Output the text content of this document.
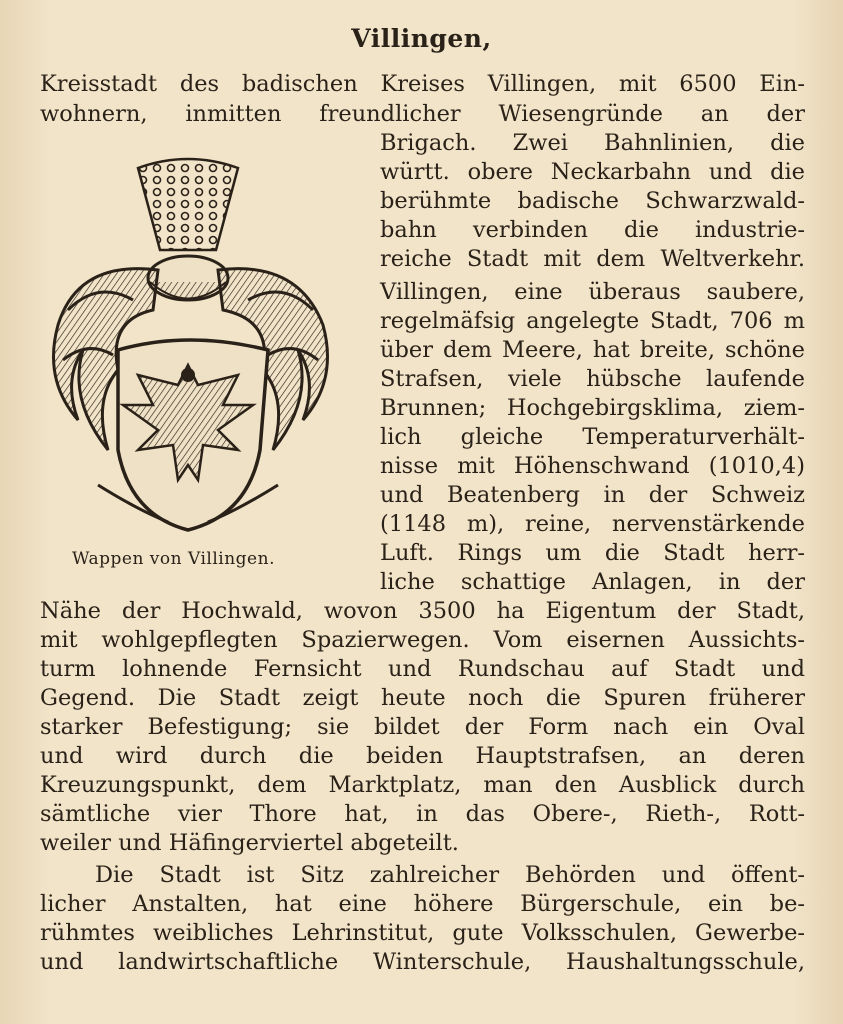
Villingen,
Kreisstadt des badischen Kreises Villingen, mit 6500 Ein-
wohnern, inmitten freundlicher Wiesengründe an der
Brigach. Zwei Bahnlinien, die
württ. obere Neckarbahn und die
berühmte badische Schwarzwald-
bahn verbinden die industrie-
reiche Stadt mit dem Weltverkehr.
Villingen, eine überaus saubere,
regelmäfsig angelegte Stadt, 706 m
über dem Meere, hat breite, schöne
Strafsen, viele hübsche laufende
Brunnen; Hochgebirgsklima, ziem-
lich gleiche Temperaturverhält-
nisse mit Höhenschwand (1010,4)
und Beatenberg in der Schweiz
(1148 m), reine, nervenstärkende
Luft. Rings um die Stadt herr-
liche schattige Anlagen, in der
Wappen von Villingen.
Nähe der Hochwald, wovon 3500 ha Eigentum der Stadt,
mit wohlgepflegten Spazierwegen. Vom eisernen Aussichts-
turm lohnende Fernsicht und Rundschau auf Stadt und
Gegend. Die Stadt zeigt heute noch die Spuren früherer
starker Befestigung; sie bildet der Form nach ein Oval
und wird durch die beiden Hauptstrafsen, an deren
Kreuzungspunkt, dem Marktplatz, man den Ausblick durch
sämtliche vier Thore hat, in das Obere-, Rieth-, Rott-
weiler und Häfingerviertel abgeteilt.
Die Stadt ist Sitz zahlreicher Behörden und öffent-
licher Anstalten, hat eine höhere Bürgerschule, ein be-
rühmtes weibliches Lehrinstitut, gute Volksschulen, Gewerbe-
und landwirtschaftliche Winterschule, Haushaltungsschule,
